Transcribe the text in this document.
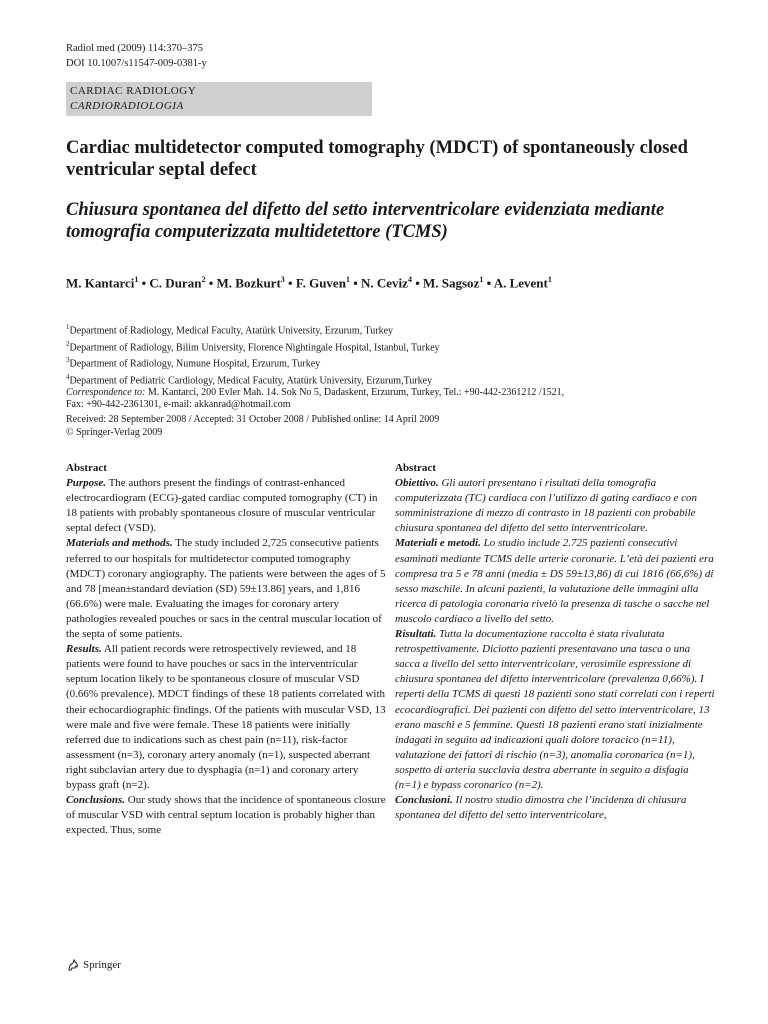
Radiol med (2009) 114:370–375
DOI 10.1007/s11547-009-0381-y
CARDIAC RADIOLOGY
CARDIORADIOLOGIA
Cardiac multidetector computed tomography (MDCT) of spontaneously closed ventricular septal defect
Chiusura spontanea del difetto del setto interventricolare evidenziata mediante tomografia computerizzata multidetettore (TCMS)
M. Kantarci$^1$ • C. Duran$^2$ • M. Bozkurt$^3$ • F. Guven$^1$ • N. Ceviz$^4$ • M. Sagsoz$^1$ • A. Levent$^1$
$^1$Department of Radiology, Medical Faculty, Atatürk University, Erzurum, Turkey
$^2$Department of Radiology, Bilim University, Florence Nightingale Hospital, Istanbul, Turkey
$^3$Department of Radiology, Numune Hospital, Erzurum, Turkey
$^4$Department of Pediatric Cardiology, Medical Faculty, Atatürk University, Erzurum,Turkey
Correspondence to: M. Kantarci, 200 Evler Mah. 14. Sok No 5, Dadaskent, Erzurum, Turkey, Tel.: +90-442-2361212 /1521,
Fax: +90-442-2361301, e-mail: akkanrad@hotmail.com
Received: 28 September 2008 / Accepted: 31 October 2008 / Published online: 14 April 2009
© Springer-Verlag 2009
Abstract

Purpose. The authors present the findings of contrast-enhanced electrocardiogram (ECG)-gated cardiac computed tomography (CT) in 18 patients with probably spontaneous closure of muscular ventricular septal defect (VSD).

Materials and methods. The study included 2,725 consecutive patients referred to our hospitals for multidetector computed tomography (MDCT) coronary angiography. The patients were between the ages of 5 and 78 [mean±standard deviation (SD) 59±13.86] years, and 1,816 (66.6%) were male. Evaluating the images for coronary artery pathologies revealed pouches or sacs in the central muscular location of the septa of some patients.

Results. All patient records were retrospectively reviewed, and 18 patients were found to have pouches or sacs in the interventricular septum location likely to be spontaneous closure of muscular VSD (0.66% prevalence). MDCT findings of these 18 patients correlated with their echocardiographic findings. Of the patients with muscular VSD, 13 were male and five were female. These 18 patients were initially referred due to indications such as chest pain (n=11), risk-factor assessment (n=3), coronary artery anomaly (n=1), suspected aberrant right subclavian artery due to dysphagia (n=1) and coronary artery bypass graft (n=2).

Conclusions. Our study shows that the incidence of spontaneous closure of muscular VSD with central septum location is probably higher than expected. Thus, some

Abstract

Obiettivo. Gli autori presentano i risultati della tomografia computerizzata (TC) cardiaca con l’utilizzo di gating cardiaco e con somministrazione di mezzo di contrasto in 18 pazienti con probabile chiusura spontanea del difetto del setto interventricolare.

Materiali e metodi. Lo studio include 2.725 pazienti consecutivi esaminati mediante TCMS delle arterie coronarie. L’età dei pazienti era compresa tra 5 e 78 anni (media ± DS 59±13,86) di cui 1816 (66,6%) di sesso maschile. In alcuni pazienti, la valutazione delle immagini alla ricerca di patologia coronaria rivelò la presenza di tasche o sacche nel muscolo cardiaco a livello del setto.

Risultati. Tutta la documentazione raccolta è stata rivalutata retrospettivamente. Diciotto pazienti presentavano una tasca o una sacca a livello del setto interventricolare, verosimile espressione di chiusura spontanea del difetto interventricolare (prevalenza 0,66%). I reperti della TCMS di questi 18 pazienti sono stati correlati con i reperti ecocardiografici. Dei pazienti con difetto del setto interventricolare, 13 erano maschi e 5 femmine. Questi 18 pazienti erano stati inizialmente indagati in seguito ad indicazioni quali dolore toracico (n=11), valutazione dei fattori di rischio (n=3), anomalia coronarica (n=1), sospetto di arteria succlavia destra aberrante in seguito a disfagia (n=1) e bypass coronarico (n=2).

Conclusioni. Il nostro studio dimostra che l’incidenza di chiusura spontanea del difetto del setto interventricolare,

Springer
